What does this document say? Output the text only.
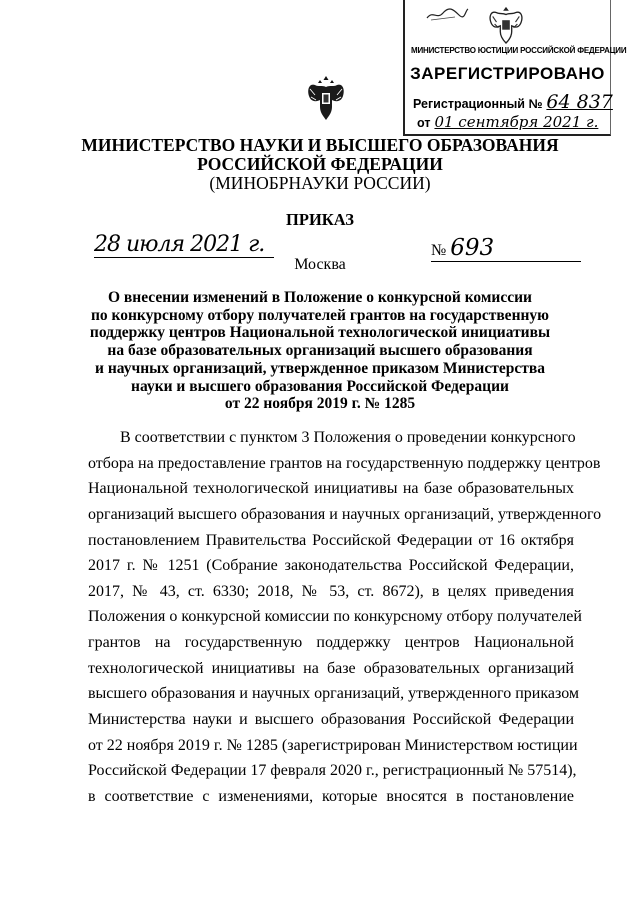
МИНИСТЕРСТВО ЮСТИЦИИ РОССИЙСКОЙ ФЕДЕРАЦИИ
ЗАРЕГИСТРИРОВАНО
Регистрационный № 64 837
от 01 сентября 2021 г.
МИНИСТЕРСТВО НАУКИ И ВЫСШЕГО ОБРАЗОВАНИЯ
РОССИЙСКОЙ ФЕДЕРАЦИИ
(МИНОБРНАУКИ РОССИИ)
ПРИКАЗ
28 июля 2021 г.	№ 693
Москва
О внесении изменений в Положение о конкурсной комиссии
по конкурсному отбору получателей грантов на государственную
поддержку центров Национальной технологической инициативы
на базе образовательных организаций высшего образования
и научных организаций, утвержденное приказом Министерства
науки и высшего образования Российской Федерации
от 22 ноября 2019 г. № 1285
В соответствии с пунктом 3 Положения о проведении конкурсного
отбора на предоставление грантов на государственную поддержку центров
Национальной технологической инициативы на базе образовательных
организаций высшего образования и научных организаций, утвержденного
постановлением Правительства Российской Федерации от 16 октября
2017 г. № 1251 (Собрание законодательства Российской Федерации,
2017, № 43, ст. 6330; 2018, № 53, ст. 8672), в целях приведения
Положения о конкурсной комиссии по конкурсному отбору получателей
грантов на государственную поддержку центров Национальной
технологической инициативы на базе образовательных организаций
высшего образования и научных организаций, утвержденного приказом
Министерства науки и высшего образования Российской Федерации
от 22 ноября 2019 г. № 1285 (зарегистрирован Министерством юстиции
Российской Федерации 17 февраля 2020 г., регистрационный № 57514),
в соответствие с изменениями, которые вносятся в постановление
